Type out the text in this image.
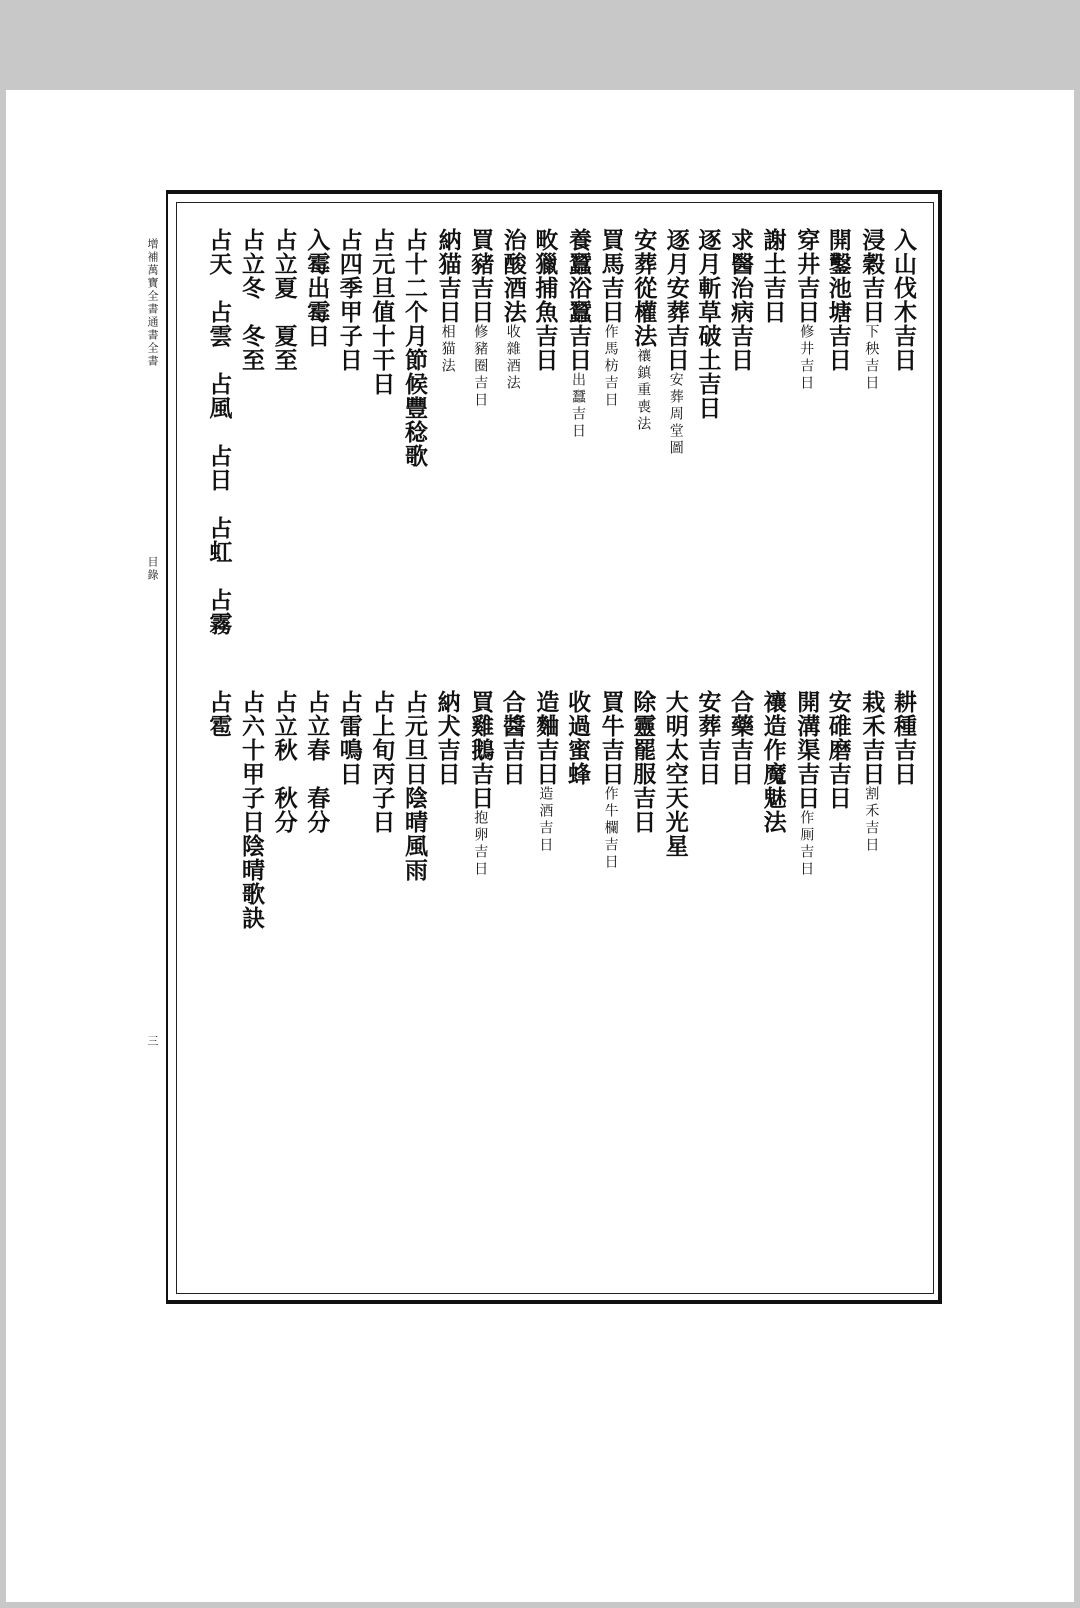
增補萬寶全書通書全書
目錄
三
入山伐木吉日
浸穀吉日下秧吉日
開鑿池塘吉日
穿井吉日修井吉日
謝土吉日
求醫治病吉日
逐月斬草破土吉日
逐月安葬吉日安葬周堂圖
安葬從權法禳鎮重喪法
買馬吉日作馬枋吉日
養蠶浴蠶吉日出蠶吉日
畋獵捕魚吉日
治酸酒法收雜酒法
買豬吉日修豬圈吉日
納猫吉日相猫法
占十二个月節候豐稔歌
占元旦值十干日
占四季甲子日
入霉出霉日
占立夏　夏至
占立冬　冬至
占天　占雲　占風　占日　占虹　占霧
耕種吉日
栽禾吉日割禾吉日
安碓磨吉日
開溝渠吉日作厠吉日
禳造作魔魅法
合藥吉日
安葬吉日
大明太空天光星
除靈罷服吉日
買牛吉日作牛欄吉日
收過蜜蜂
造麯吉日造酒吉日
合醬吉日
買雞鵝吉日抱卵吉日
納犬吉日
占元旦日陰晴風雨
占上旬丙子日
占雷鳴日
占立春　春分
占立秋　秋分
占六十甲子日陰晴歌訣
占雹
